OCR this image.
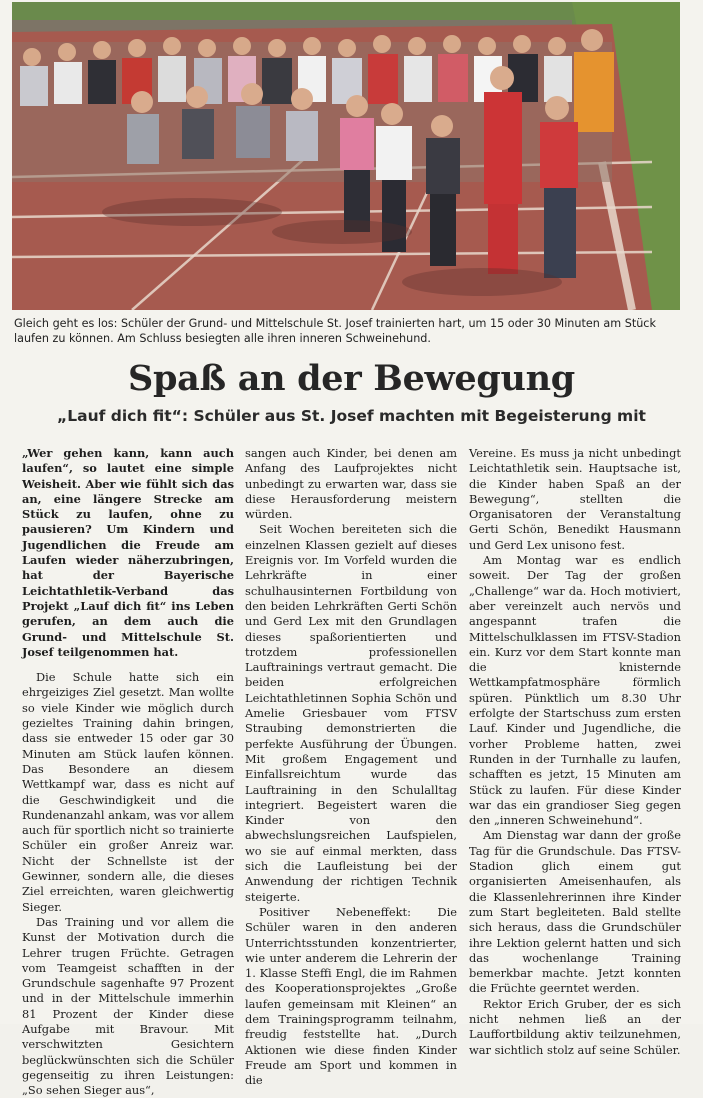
Gleich geht es los: Schüler der Grund- und Mittelschule St. Josef trainierten hart, um 15 oder 30 Minuten am Stück laufen zu können. Am Schluss besiegten alle ihren inneren Schweinehund.
Spaß an der Bewegung
„Lauf dich fit“: Schüler aus St. Josef machten mit Begeisterung mit

„Wer gehen kann, kann auch laufen“, so lautet eine simple Weisheit. Aber wie fühlt sich das an, eine längere Strecke am Stück zu laufen, ohne zu pausieren? Um Kindern und Jugendlichen die Freude am Laufen wieder näherzubringen, hat der Bayerische Leichtathletik-Verband das Projekt „Lauf dich fit“ ins Leben gerufen, an dem auch die Grund- und Mittelschule St. Josef teilgenommen hat.

Die Schule hatte sich ein ehrgeiziges Ziel gesetzt. Man wollte so viele Kinder wie möglich durch gezieltes Training dahin bringen, dass sie entweder 15 oder gar 30 Minuten am Stück laufen können. Das Besondere an diesem Wettkampf war, dass es nicht auf die Geschwindigkeit und die Rundenanzahl ankam, was vor allem auch für sportlich nicht so trainierte Schüler ein großer Anreiz war. Nicht der Schnellste ist der Gewinner, sondern alle, die dieses Ziel erreichten, waren gleichwertig Sieger.

Das Training und vor allem die Kunst der Motivation durch die Lehrer trugen Früchte. Getragen vom Teamgeist schafften in der Grundschule sagenhafte 97 Prozent und in der Mittelschule immerhin 81 Prozent der Kinder diese Aufgabe mit Bravour. Mit verschwitzten Gesichtern beglückwünschten sich die Schüler gegenseitig zu ihren Leistungen: „So sehen Sieger aus“,

sangen auch Kinder, bei denen am Anfang des Laufprojektes nicht unbedingt zu erwarten war, dass sie diese Herausforderung meistern würden.

Seit Wochen bereiteten sich die einzelnen Klassen gezielt auf dieses Ereignis vor. Im Vorfeld wurden die Lehrkräfte in einer schulhausinternen Fortbildung von den beiden Lehrkräften Gerti Schön und Gerd Lex mit den Grundlagen dieses spaßorientierten und trotzdem professionellen Lauftrainings vertraut gemacht. Die beiden erfolgreichen Leichtathletinnen Sophia Schön und Amelie Griesbauer vom FTSV Straubing demonstrierten die perfekte Ausführung der Übungen. Mit großem Engagement und Einfallsreichtum wurde das Lauftraining in den Schulalltag integriert. Begeistert waren die Kinder von den abwechslungsreichen Laufspielen, wo sie auf einmal merkten, dass sich die Laufleistung bei der Anwendung der richtigen Technik steigerte.

Positiver Nebeneffekt: Die Schüler waren in den anderen Unterrichtsstunden konzentrierter, wie unter anderem die Lehrerin der 1. Klasse Steffi Engl, die im Rahmen des Kooperationsprojektes „Große laufen gemeinsam mit Kleinen“ an dem Trainingsprogramm teilnahm, freudig feststellte hat. „Durch Aktionen wie diese finden Kinder Freude am Sport und kommen in die

Vereine. Es muss ja nicht unbedingt Leichtathletik sein. Hauptsache ist, die Kinder haben Spaß an der Bewegung“, stellten die Organisatoren der Veranstaltung Gerti Schön, Benedikt Hausmann und Gerd Lex unisono fest.

Am Montag war es endlich soweit. Der Tag der großen „Challenge“ war da. Hoch motiviert, aber vereinzelt auch nervös und angespannt trafen die Mittelschulklassen im FTSV-Stadion ein. Kurz vor dem Start konnte man die knisternde Wettkampfatmosphäre förmlich spüren. Pünktlich um 8.30 Uhr erfolgte der Startschuss zum ersten Lauf. Kinder und Jugendliche, die vorher Probleme hatten, zwei Runden in der Turnhalle zu laufen, schafften es jetzt, 15 Minuten am Stück zu laufen. Für diese Kinder war das ein grandioser Sieg gegen den „inneren Schweinehund“.

Am Dienstag war dann der große Tag für die Grundschule. Das FTSV-Stadion glich einem gut organisierten Ameisenhaufen, als die Klassenlehrerinnen ihre Kinder zum Start begleiteten. Bald stellte sich heraus, dass die Grundschüler ihre Lektion gelernt hatten und sich das wochenlange Training bemerkbar machte. Jetzt konnten die Früchte geerntet werden.

Rektor Erich Gruber, der es sich nicht nehmen ließ an der Lauffortbildung aktiv teilzunehmen, war sichtlich stolz auf seine Schüler.
